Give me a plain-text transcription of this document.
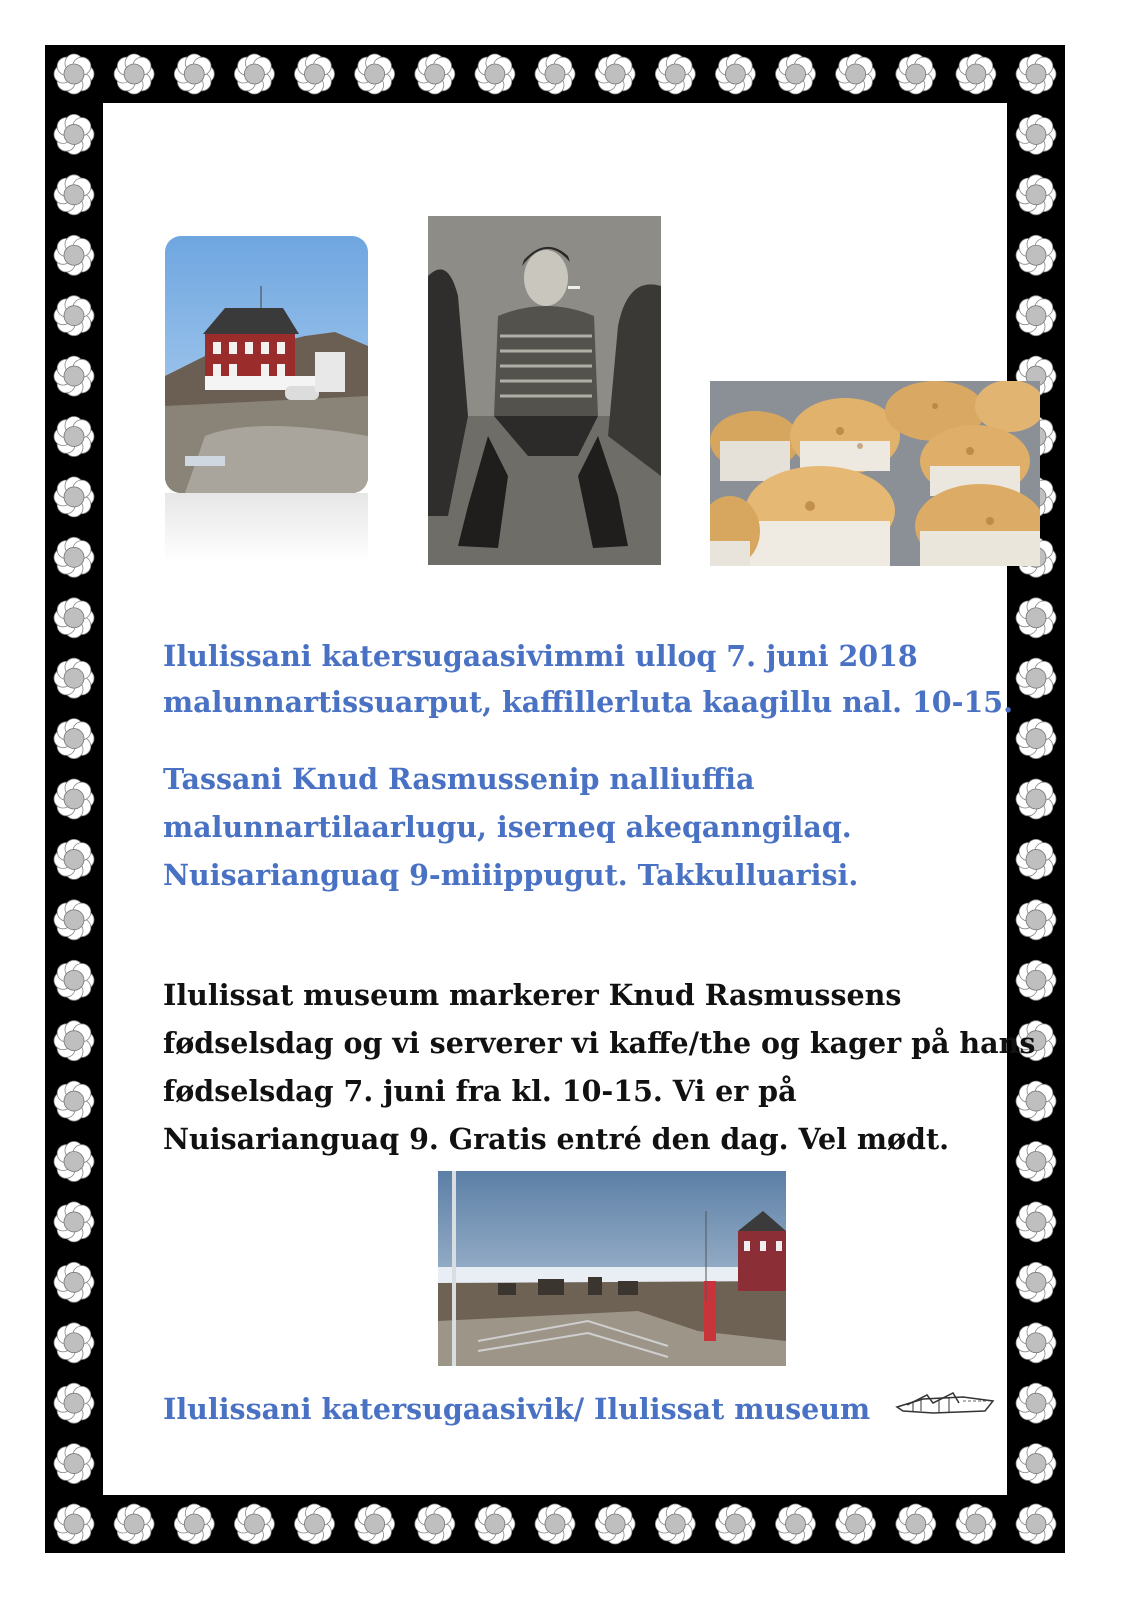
Ilulissani katersugaasivimmi ulloq 7. juni 2018
malunnartissuarput, kaffillerluta kaagillu nal. 10-15.

Tassani Knud Rasmussenip nalliuffia
malunnartilaarlugu, iserneq akeqanngilaq.
Nuisarianguaq 9-miiippugut. Takkulluarisi.

Ilulissat museum markerer Knud Rasmussens
fødselsdag og vi serverer vi kaffe/the og kager på hans
fødselsdag 7. juni fra kl. 10-15. Vi er på
Nuisarianguaq 9. Gratis entré den dag. Vel mødt.

Ilulissani katersugaasivik/ Ilulissat museum
